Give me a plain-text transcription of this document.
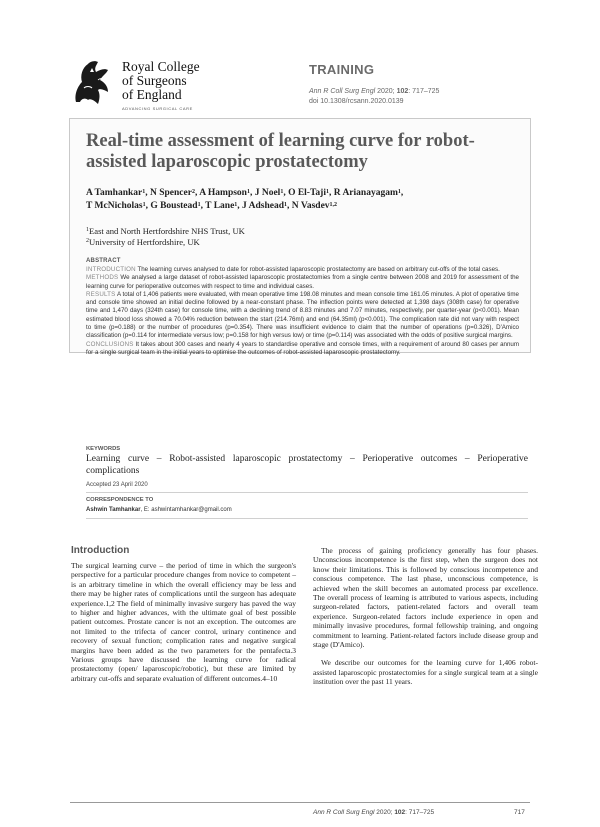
Royal College
of Surgeons
of England
ADVANCING SURGICAL CARE
TRAINING
Ann R Coll Surg Engl 2020; 102: 717–725
doi 10.1308/rcsann.2020.0139
Real-time assessment of learning curve for robot-assisted laparoscopic prostatectomy
A Tamhankar$^1$, N Spencer$^2$, A Hampson$^1$, J Noel$^1$, O El-Taji$^1$, R Arianayagam$^1$,
T McNicholas$^1$, G Boustead$^1$, T Lane$^1$, J Adshead$^1$, N Vasdev$^{1,2}$
$^1$East and North Hertfordshire NHS Trust, UK
$^2$University of Hertfordshire, UK
ABSTRACT

INTRODUCTION The learning curves analysed to date for robot-assisted laparoscopic prostatectomy are based on arbitrary cut-offs of the total cases.

METHODS We analysed a large dataset of robot-assisted laparoscopic prostatectomies from a single centre between 2008 and 2019 for assessment of the learning curve for perioperative outcomes with respect to time and individual cases.

RESULTS A total of 1,406 patients were evaluated, with mean operative time 198.08 minutes and mean console time 161.05 minutes. A plot of operative time and console time showed an initial decline followed by a near-constant phase. The inflection points were detected at 1,398 days (308th case) for operative time and 1,470 days (324th case) for console time, with a declining trend of 8.83 minutes and 7.07 minutes, respectively, per quarter-year (p<0.001). Mean estimated blood loss showed a 70.04% reduction between the start (214.76ml) and end (64.35ml) (p<0.001). The complication rate did not vary with respect to time (p=0.188) or the number of procedures (p=0.354). There was insufficient evidence to claim that the number of operations (p=0.326), D'Amico classification (p=0.114 for intermediate versus low; p=0.158 for high versus low) or time (p=0.114) was associated with the odds of positive surgical margins.

CONCLUSIONS It takes about 300 cases and nearly 4 years to standardise operative and console times, with a requirement of around 80 cases per annum for a single surgical team in the initial years to optimise the outcomes of robot-assisted laparoscopic prostatectomy.

KEYWORDS
Learning curve – Robot-assisted laparoscopic prostatectomy – Perioperative outcomes – Perioperative complications
Accepted 23 April 2020
CORRESPONDENCE TO
Ashwin Tamhankar, E: ashwintamhankar@gmail.com
Introduction

The surgical learning curve – the period of time in which the surgeon's perspective for a particular procedure changes from novice to competent – is an arbitrary timeline in which the overall efficiency may be less and there may be higher rates of complications until the surgeon has adequate experience.1,2 The field of minimally invasive surgery has paved the way to higher and higher advances, with the ultimate goal of best possible patient outcomes. Prostate cancer is not an exception. The outcomes are not limited to the trifecta of cancer control, urinary continence and recovery of sexual function; complication rates and negative surgical margins have been added as the two parameters for the pentafecta.3 Various groups have discussed the learning curve for radical prostatectomy (open/ laparoscopic/robotic), but these are limited by arbitrary cut-offs and separate evaluation of different outcomes.4–10

The process of gaining proficiency generally has four phases. Unconscious incompetence is the first step, when the surgeon does not know their limitations. This is followed by conscious incompetence and conscious competence. The last phase, unconscious competence, is achieved when the skill becomes an automated process par excellence. The overall process of learning is attributed to various aspects, including surgeon-related factors, patient-related factors and overall team experience. Surgeon-related factors include experience in open and minimally invasive procedures, formal fellowship training, and ongoing commitment to learning. Patient-related factors include disease group and stage (D'Amico).

We describe our outcomes for the learning curve for 1,406 robot-assisted laparoscopic prostatectomies for a single surgical team at a single institution over the past 11 years.

Ann R Coll Surg Engl 2020; 102: 717–725	717
